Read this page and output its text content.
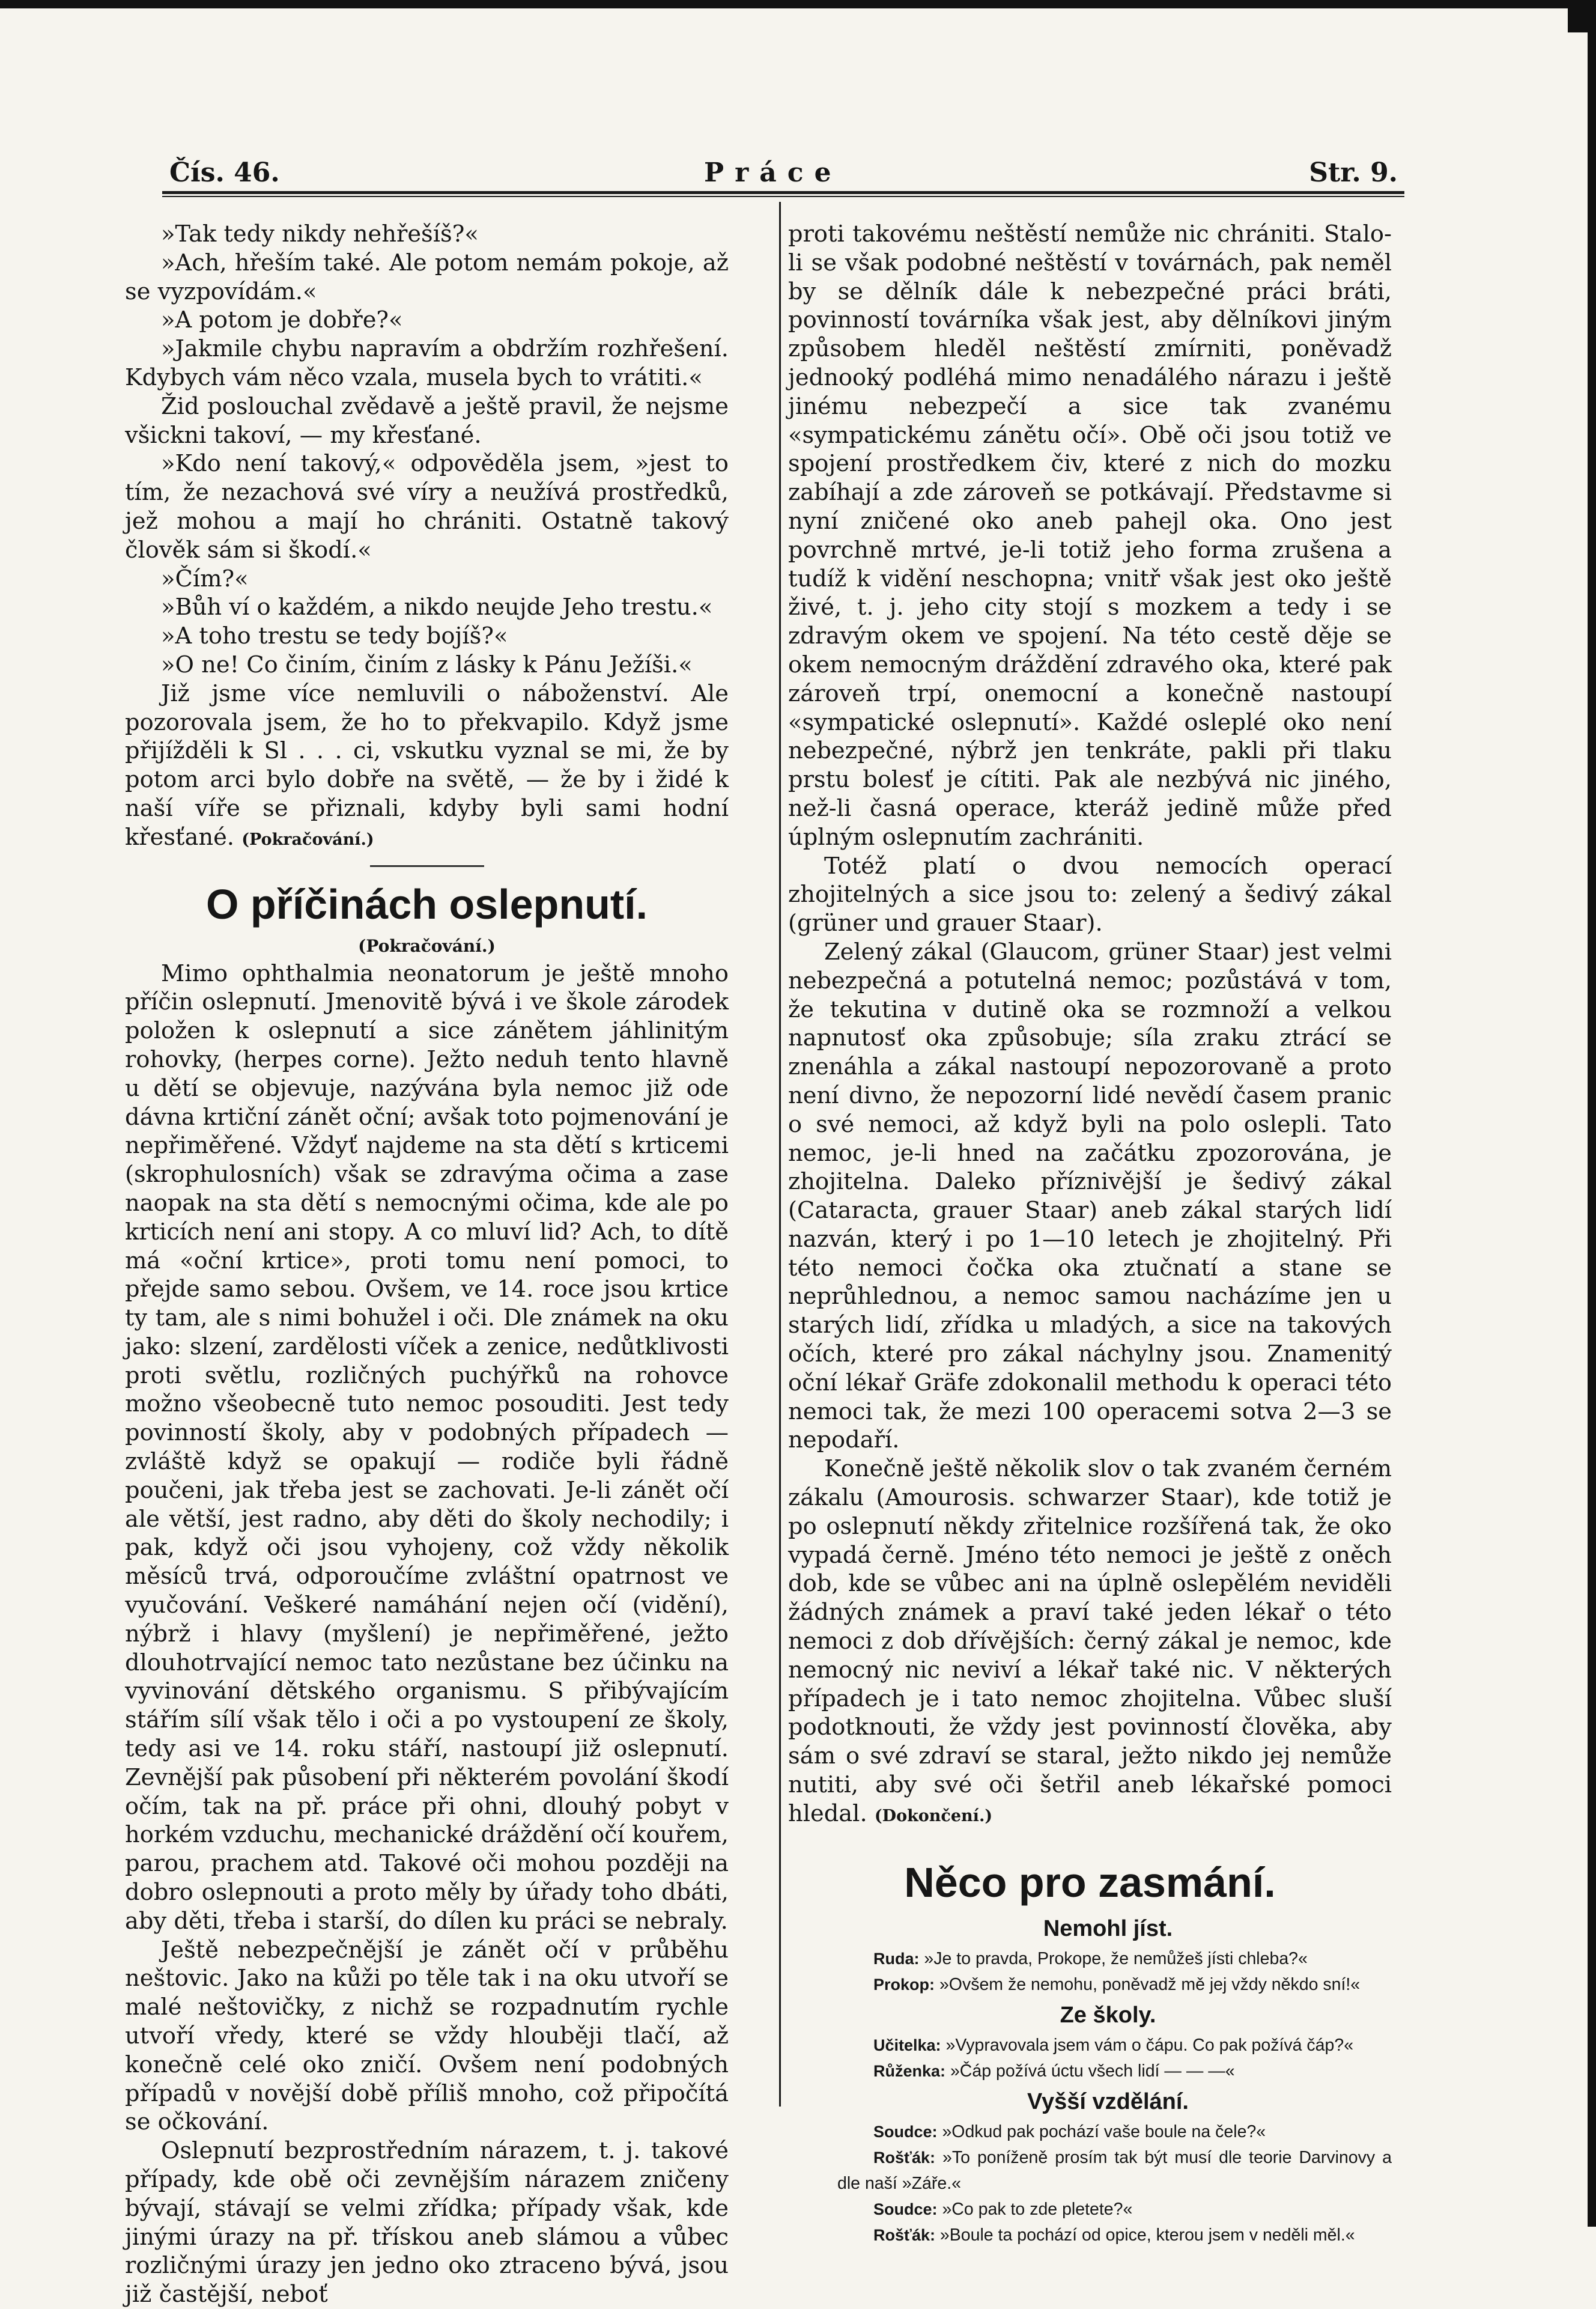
Čís. 46.	Práce	Str. 9.

»Tak tedy nikdy nehřešíš?«

»Ach, hřeším také. Ale potom nemám pokoje, až se vyzpovídám.«

»A potom je dobře?«

»Jakmile chybu napravím a obdržím rozhřešení. Kdybych vám něco vzala, musela bych to vrátiti.«

Žid poslouchal zvědavě a ještě pravil, že nejsme všickni takoví, — my křesťané.

»Kdo není takový,« odpověděla jsem, »jest to tím, že nezachová své víry a neužívá prostředků, jež mohou a mají ho chrániti. Ostatně takový člověk sám si škodí.«

»Čím?«

»Bůh ví o každém, a nikdo neujde Jeho trestu.«

»A toho trestu se tedy bojíš?«

»O ne! Co činím, činím z lásky k Pánu Ježíši.«

Již jsme více nemluvili o náboženství. Ale pozorovala jsem, že ho to překvapilo. Když jsme přijížděli k Sl . . . ci, vskutku vyznal se mi, že by potom arci bylo dobře na světě, — že by i židé k naší víře se přiznali, kdyby byli sami hodní křesťané. (Pokračování.)

O příčinách oslepnutí.

(Pokračování.)

Mimo ophthalmia neonatorum je ještě mnoho příčin oslepnutí. Jmenovitě bývá i ve škole zárodek položen k oslepnutí a sice zánětem jáhlinitým rohovky, (herpes corne). Ježto neduh tento hlavně u dětí se objevuje, nazývána byla nemoc již ode dávna krtiční zánět oční; avšak toto pojmenování je nepřiměřené. Vždyť najdeme na sta dětí s krticemi (skrophulosních) však se zdravýma očima a zase naopak na sta dětí s nemocnými očima, kde ale po krticích není ani stopy. A co mluví lid? Ach, to dítě má «oční krtice», proti tomu není pomoci, to přejde samo sebou. Ovšem, ve 14. roce jsou krtice ty tam, ale s nimi bohužel i oči. Dle známek na oku jako: slzení, zardělosti víček a zenice, nedůtklivosti proti světlu, rozličných puchýřků na rohovce možno všeobecně tuto nemoc posouditi. Jest tedy povinností školy, aby v podobných případech — zvláště když se opakují — rodiče byli řádně poučeni, jak třeba jest se zachovati. Je-li zánět očí ale větší, jest radno, aby děti do školy nechodily; i pak, když oči jsou vyhojeny, což vždy několik měsíců trvá, odporoučíme zvláštní opatrnost ve vyučování. Veškeré namáhání nejen očí (vidění), nýbrž i hlavy (myšlení) je nepřiměřené, ježto dlouhotrvající nemoc tato nezůstane bez účinku na vyvinování dětského organismu. S přibývajícím stářím sílí však tělo i oči a po vystoupení ze školy, tedy asi ve 14. roku stáří, nastoupí již oslepnutí. Zevnější pak působení při některém povolání škodí očím, tak na př. práce při ohni, dlouhý pobyt v horkém vzduchu, mechanické dráždění očí kouřem, parou, prachem atd. Takové oči mohou později na dobro oslepnouti a proto měly by úřady toho dbáti, aby děti, třeba i starší, do dílen ku práci se nebraly.

Ještě nebezpečnější je zánět očí v průběhu neštovic. Jako na kůži po těle tak i na oku utvoří se malé neštovičky, z nichž se rozpadnutím rychle utvoří vředy, které se vždy hlouběji tlačí, až konečně celé oko zničí. Ovšem není podobných případů v novější době příliš mnoho, což připočítá se očkování.

Oslepnutí bezprostředním nárazem, t. j. takové případy, kde obě oči zevnějším nárazem zničeny bývají, stávají se velmi zřídka; případy však, kde jinými úrazy na př. třískou aneb slámou a vůbec rozličnými úrazy jen jedno oko ztraceno bývá, jsou již častější, neboť

proti takovému neštěstí nemůže nic chrániti. Stalo-li se však podobné neštěstí v továrnách, pak neměl by se dělník dále k nebezpečné práci bráti, povinností továrníka však jest, aby dělníkovi jiným způsobem hleděl neštěstí zmírniti, poněvadž jednooký podléhá mimo nenadálého nárazu i ještě jinému nebezpečí a sice tak zvanému «sympatickému zánětu očí». Obě oči jsou totiž ve spojení prostředkem čiv, které z nich do mozku zabíhají a zde zároveň se potkávají. Představme si nyní zničené oko aneb pahejl oka. Ono jest povrchně mrtvé, je-li totiž jeho forma zrušena a tudíž k vidění neschopna; vnitř však jest oko ještě živé, t. j. jeho city stojí s mozkem a tedy i se zdravým okem ve spojení. Na této cestě děje se okem nemocným dráždění zdravého oka, které pak zároveň trpí, onemocní a konečně nastoupí «sympatické oslepnutí». Každé osleplé oko není nebezpečné, nýbrž jen tenkráte, pakli při tlaku prstu bolesť je cítiti. Pak ale nezbývá nic jiného, než-li časná operace, kteráž jedině může před úplným oslepnutím zachrániti.

Totéž platí o dvou nemocích operací zhojitelných a sice jsou to: zelený a šedivý zákal (grüner und grauer Staar).

Zelený zákal (Glaucom, grüner Staar) jest velmi nebezpečná a potutelná nemoc; pozůstává v tom, že tekutina v dutině oka se rozmnoží a velkou napnutosť oka způsobuje; síla zraku ztrácí se znenáhla a zákal nastoupí nepozorovaně a proto není divno, že nepozorní lidé nevědí časem pranic o své nemoci, až když byli na polo oslepli. Tato nemoc, je-li hned na začátku zpozorována, je zhojitelna. Daleko příznivější je šedivý zákal (Cataracta, grauer Staar) aneb zákal starých lidí nazván, který i po 1—10 letech je zhojitelný. Při této nemoci čočka oka ztučnatí a stane se neprůhlednou, a nemoc samou nacházíme jen u starých lidí, zřídka u mladých, a sice na takových očích, které pro zákal náchylny jsou. Znamenitý oční lékař Gräfe zdokonalil methodu k operaci této nemoci tak, že mezi 100 operacemi sotva 2—3 se nepodaří.

Konečně ještě několik slov o tak zvaném černém zákalu (Amourosis. schwarzer Staar), kde totiž je po oslepnutí někdy zřitelnice rozšířená tak, že oko vypadá černě. Jméno této nemoci je ještě z oněch dob, kde se vůbec ani na úplně oslepělém neviděli žádných známek a praví také jeden lékař o této nemoci z dob dřívějších: černý zákal je nemoc, kde nemocný nic neviví a lékař také nic. V některých případech je i tato nemoc zhojitelna. Vůbec sluší podotknouti, že vždy jest povinností člověka, aby sám o své zdraví se staral, ježto nikdo jej nemůže nutiti, aby své oči šetřil aneb lékařské pomoci hledal. (Dokončení.)

Něco pro zasmání.

Nemohl jíst.

Ruda: »Je to pravda, Prokope, že nemůžeš jísti chleba?«

Prokop: »Ovšem že nemohu, poněvadž mě jej vždy někdo sní!«

Ze školy.

Učitelka: »Vypravovala jsem vám o čápu. Co pak požívá čáp?«

Růženka: »Čáp požívá úctu všech lidí — — —«

Vyšší vzdělání.

Soudce: »Odkud pak pochází vaše boule na čele?«

Rošťák: »To poníženě prosím tak být musí dle teorie Darvinovy a dle naší »Záře.«

Soudce: »Co pak to zde pletete?«

Rošťák: »Boule ta pochází od opice, kterou jsem v neděli měl.«
